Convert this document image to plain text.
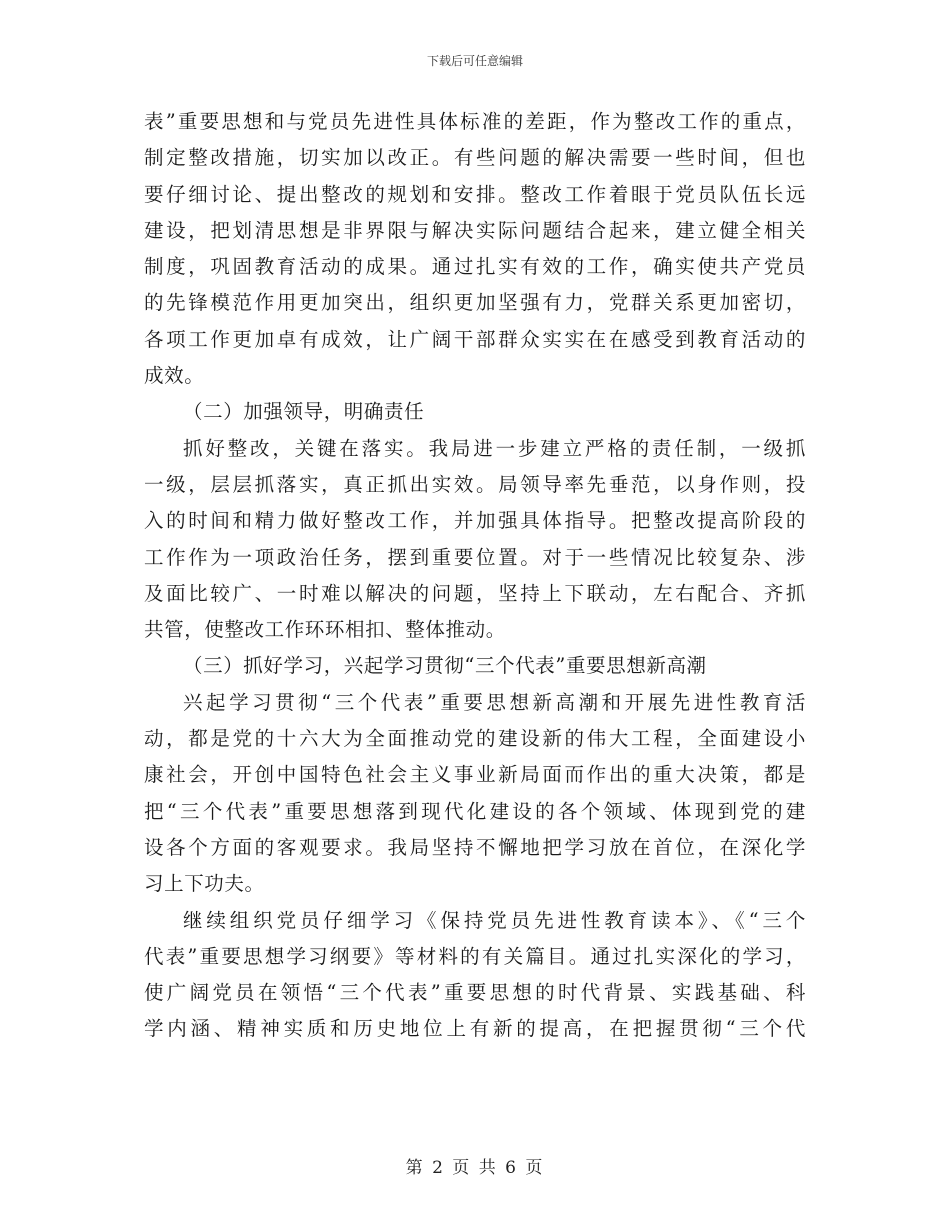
下载后可任意编辑
表”重要思想和与党员先进性具体标准的差距，作为整改工作的重点，
制定整改措施，切实加以改正。有些问题的解决需要一些时间，但也
要仔细讨论、提出整改的规划和安排。整改工作着眼于党员队伍长远
建设，把划清思想是非界限与解决实际问题结合起来，建立健全相关
制度，巩固教育活动的成果。通过扎实有效的工作，确实使共产党员
的先锋模范作用更加突出，组织更加坚强有力，党群关系更加密切，
各项工作更加卓有成效，让广阔干部群众实实在在感受到教育活动的
成效。
（二）加强领导，明确责任
抓好整改，关键在落实。我局进一步建立严格的责任制，一级抓
一级，层层抓落实，真正抓出实效。局领导率先垂范，以身作则，投
入的时间和精力做好整改工作，并加强具体指导。把整改提高阶段的
工作作为一项政治任务，摆到重要位置。对于一些情况比较复杂、涉
及面比较广、一时难以解决的问题，坚持上下联动，左右配合、齐抓
共管，使整改工作环环相扣、整体推动。
（三）抓好学习，兴起学习贯彻“三个代表”重要思想新高潮
兴起学习贯彻“三个代表”重要思想新高潮和开展先进性教育活
动，都是党的十六大为全面推动党的建设新的伟大工程，全面建设小
康社会，开创中国特色社会主义事业新局面而作出的重大决策，都是
把“三个代表”重要思想落到现代化建设的各个领域、体现到党的建
设各个方面的客观要求。我局坚持不懈地把学习放在首位，在深化学
习上下功夫。
继续组织党员仔细学习《保持党员先进性教育读本》、《“三个
代表”重要思想学习纲要》等材料的有关篇目。通过扎实深化的学习，
使广阔党员在领悟“三个代表”重要思想的时代背景、实践基础、科
学内涵、精神实质和历史地位上有新的提高，在把握贯彻“三个代
第 2 页 共 6 页
